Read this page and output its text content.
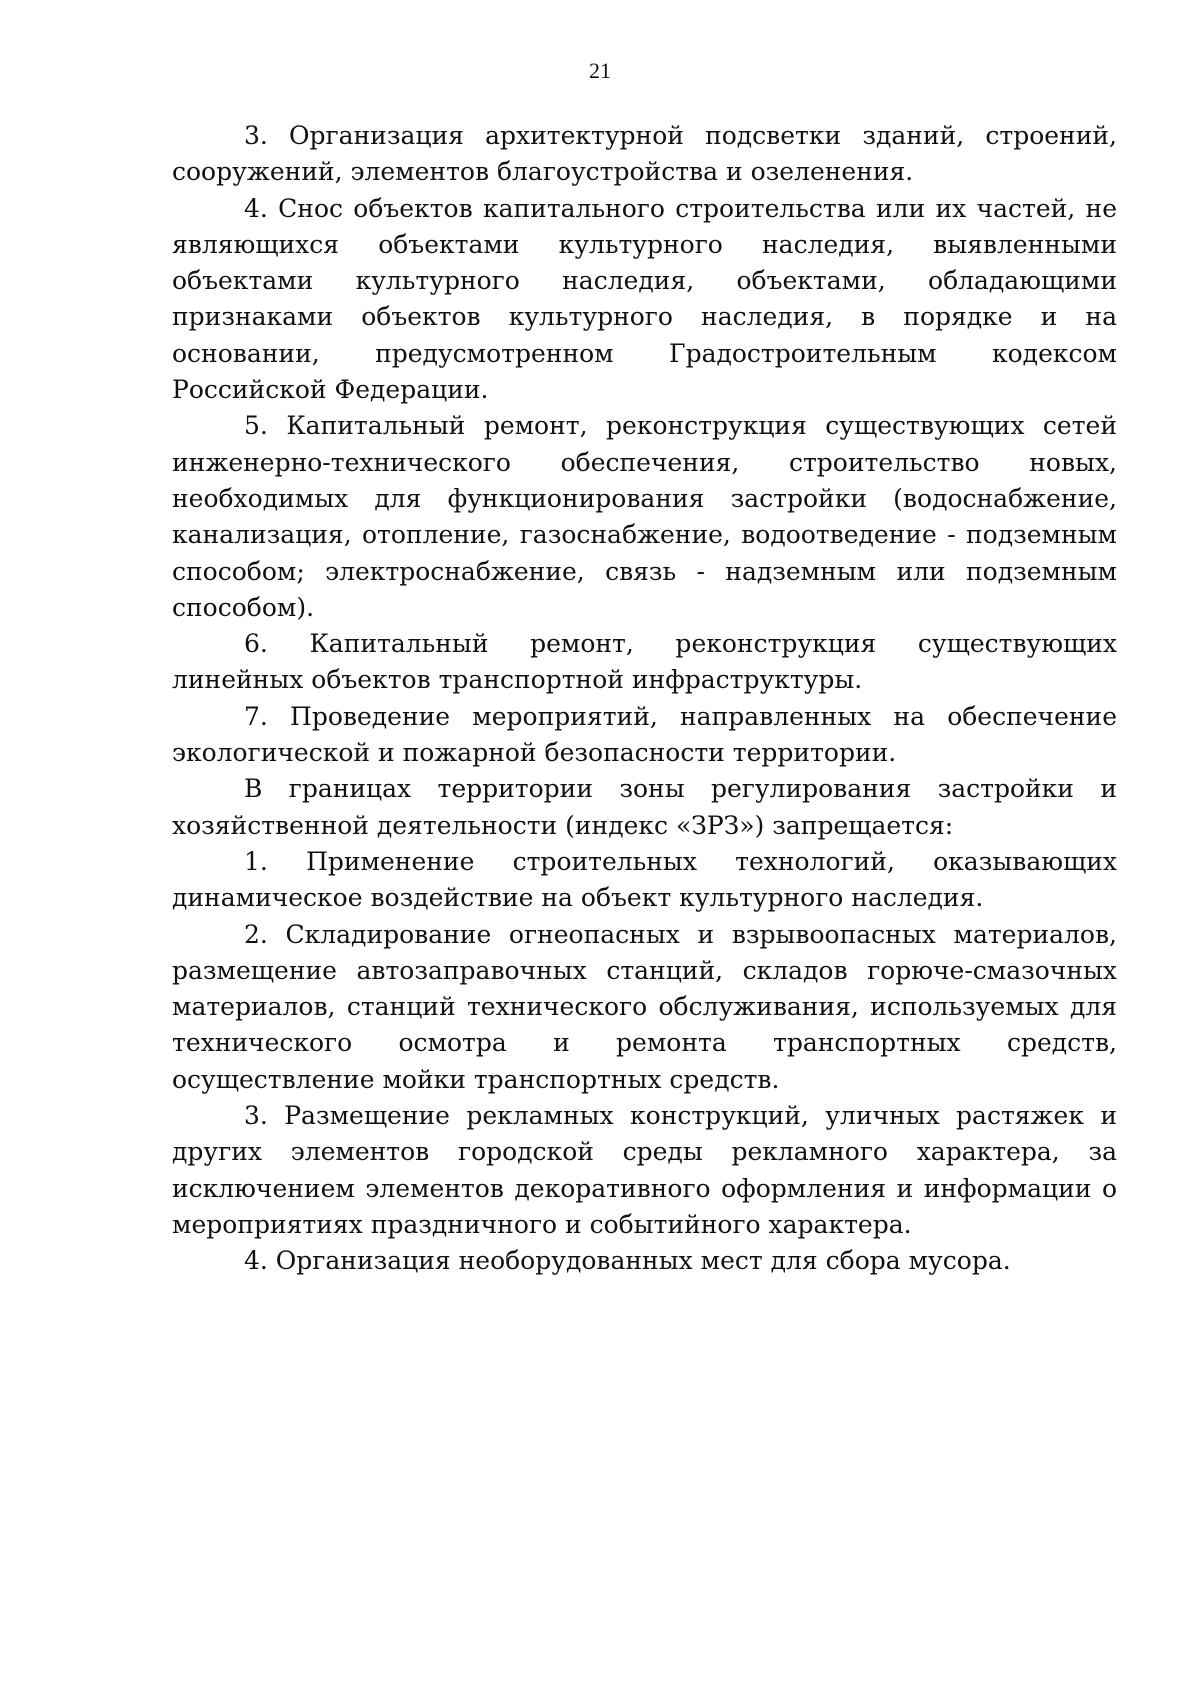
21

3. Организация архитектурной подсветки зданий, строений, сооружений, элементов благоустройства и озеленения.

4. Снос объектов капитального строительства или их частей, не являющихся объектами культурного наследия, выявленными объектами культурного наследия, объектами, обладающими признаками объектов культурного наследия, в порядке и на основании, предусмотренном Градостроительным кодексом Российской Федерации.

5. Капитальный ремонт, реконструкция существующих сетей инженерно-технического обеспечения, строительство новых, необходимых для функционирования застройки (водоснабжение, канализация, отопление, газоснабжение, водоотведение - подземным способом; электроснабжение, связь - надземным или подземным способом).

6. Капитальный ремонт, реконструкция существующих линейных объектов транспортной инфраструктуры.

7. Проведение мероприятий, направленных на обеспечение экологической и пожарной безопасности территории.

В границах территории зоны регулирования застройки и хозяйственной деятельности (индекс «ЗРЗ») запрещается:

1. Применение строительных технологий, оказывающих динамическое воздействие на объект культурного наследия.

2. Складирование огнеопасных и взрывоопасных материалов, размещение автозаправочных станций, складов горюче-смазочных материалов, станций технического обслуживания, используемых для технического осмотра и ремонта транспортных средств, осуществление мойки транспортных средств.

3. Размещение рекламных конструкций, уличных растяжек и других элементов городской среды рекламного характера, за исключением элементов декоративного оформления и информации о мероприятиях праздничного и событийного характера.

4. Организация необорудованных мест для сбора мусора.
